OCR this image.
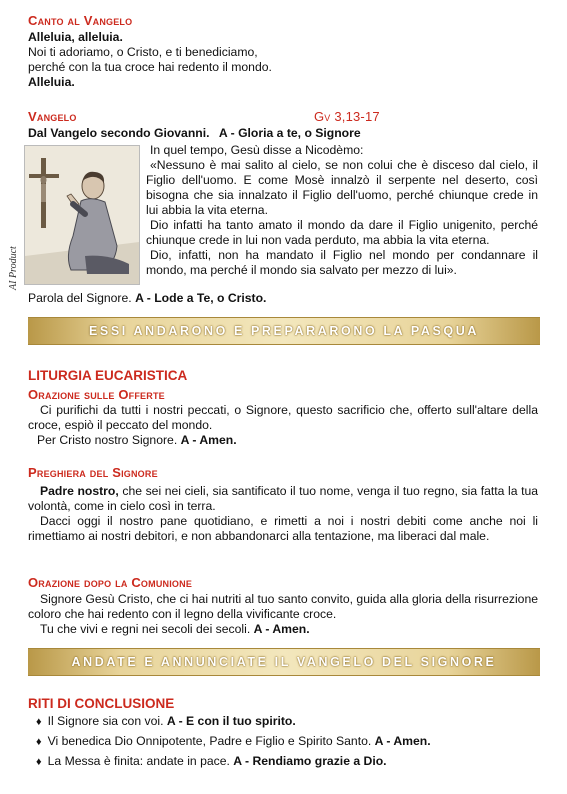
Canto al Vangelo
Alleluia, alleluia.
Noi ti adoriamo, o Cristo, e ti benediciamo,
perché con la tua croce hai redento il mondo.
Alleluia.
Vangelo	Gv 3,13-17
Dal Vangelo secondo Giovanni. A - Gloria a te, o Signore
AI Product

In quel tempo, Gesù disse a Nicodèmo:

«Nessuno è mai salito al cielo, se non colui che è disceso dal cielo, il Figlio dell'uomo. E come Mosè innalzò il serpente nel deserto, così bisogna che sia innalzato il Figlio dell'uomo, perché chiunque crede in lui abbia la vita eterna.

Dio infatti ha tanto amato il mondo da dare il Figlio unigenito, perché chiunque crede in lui non vada perduto, ma abbia la vita eterna.

Dio, infatti, non ha mandato il Figlio nel mondo per condannare il mondo, ma perché il mondo sia salvato per mezzo di lui».

Parola del Signore. A - Lode a Te, o Cristo.
ESSI ANDARONO E PREPARARONO LA PASQUA
LITURGIA EUCARISTICA
Orazione sulle Offerte

Ci purifichi da tutti i nostri peccati, o Signore, questo sacrificio che, offerto sull'altare della croce, espiò il peccato del mondo.

Per Cristo nostro Signore. A - Amen.

Preghiera del Signore

Padre nostro, che sei nei cieli, sia santificato il tuo nome, venga il tuo regno, sia fatta la tua volontà, come in cielo così in terra.

Dacci oggi il nostro pane quotidiano, e rimetti a noi i nostri debiti come anche noi li rimettiamo ai nostri debitori, e non abbandonarci alla tentazione, ma liberaci dal male.

Orazione dopo la Comunione

Signore Gesù Cristo, che ci hai nutriti al tuo santo convito, guida alla gloria della risurrezione coloro che hai redento con il legno della vivificante croce.

Tu che vivi e regni nei secoli dei secoli. A - Amen.

ANDATE E ANNUNCIATE IL VANGELO DEL SIGNORE
RITI DI CONCLUSIONE
♦ Il Signore sia con voi. A - E con il tuo spirito.
♦ Vi benedica Dio Onnipotente, Padre e Figlio e Spirito Santo. A - Amen.
♦ La Messa è finita: andate in pace. A - Rendiamo grazie a Dio.
